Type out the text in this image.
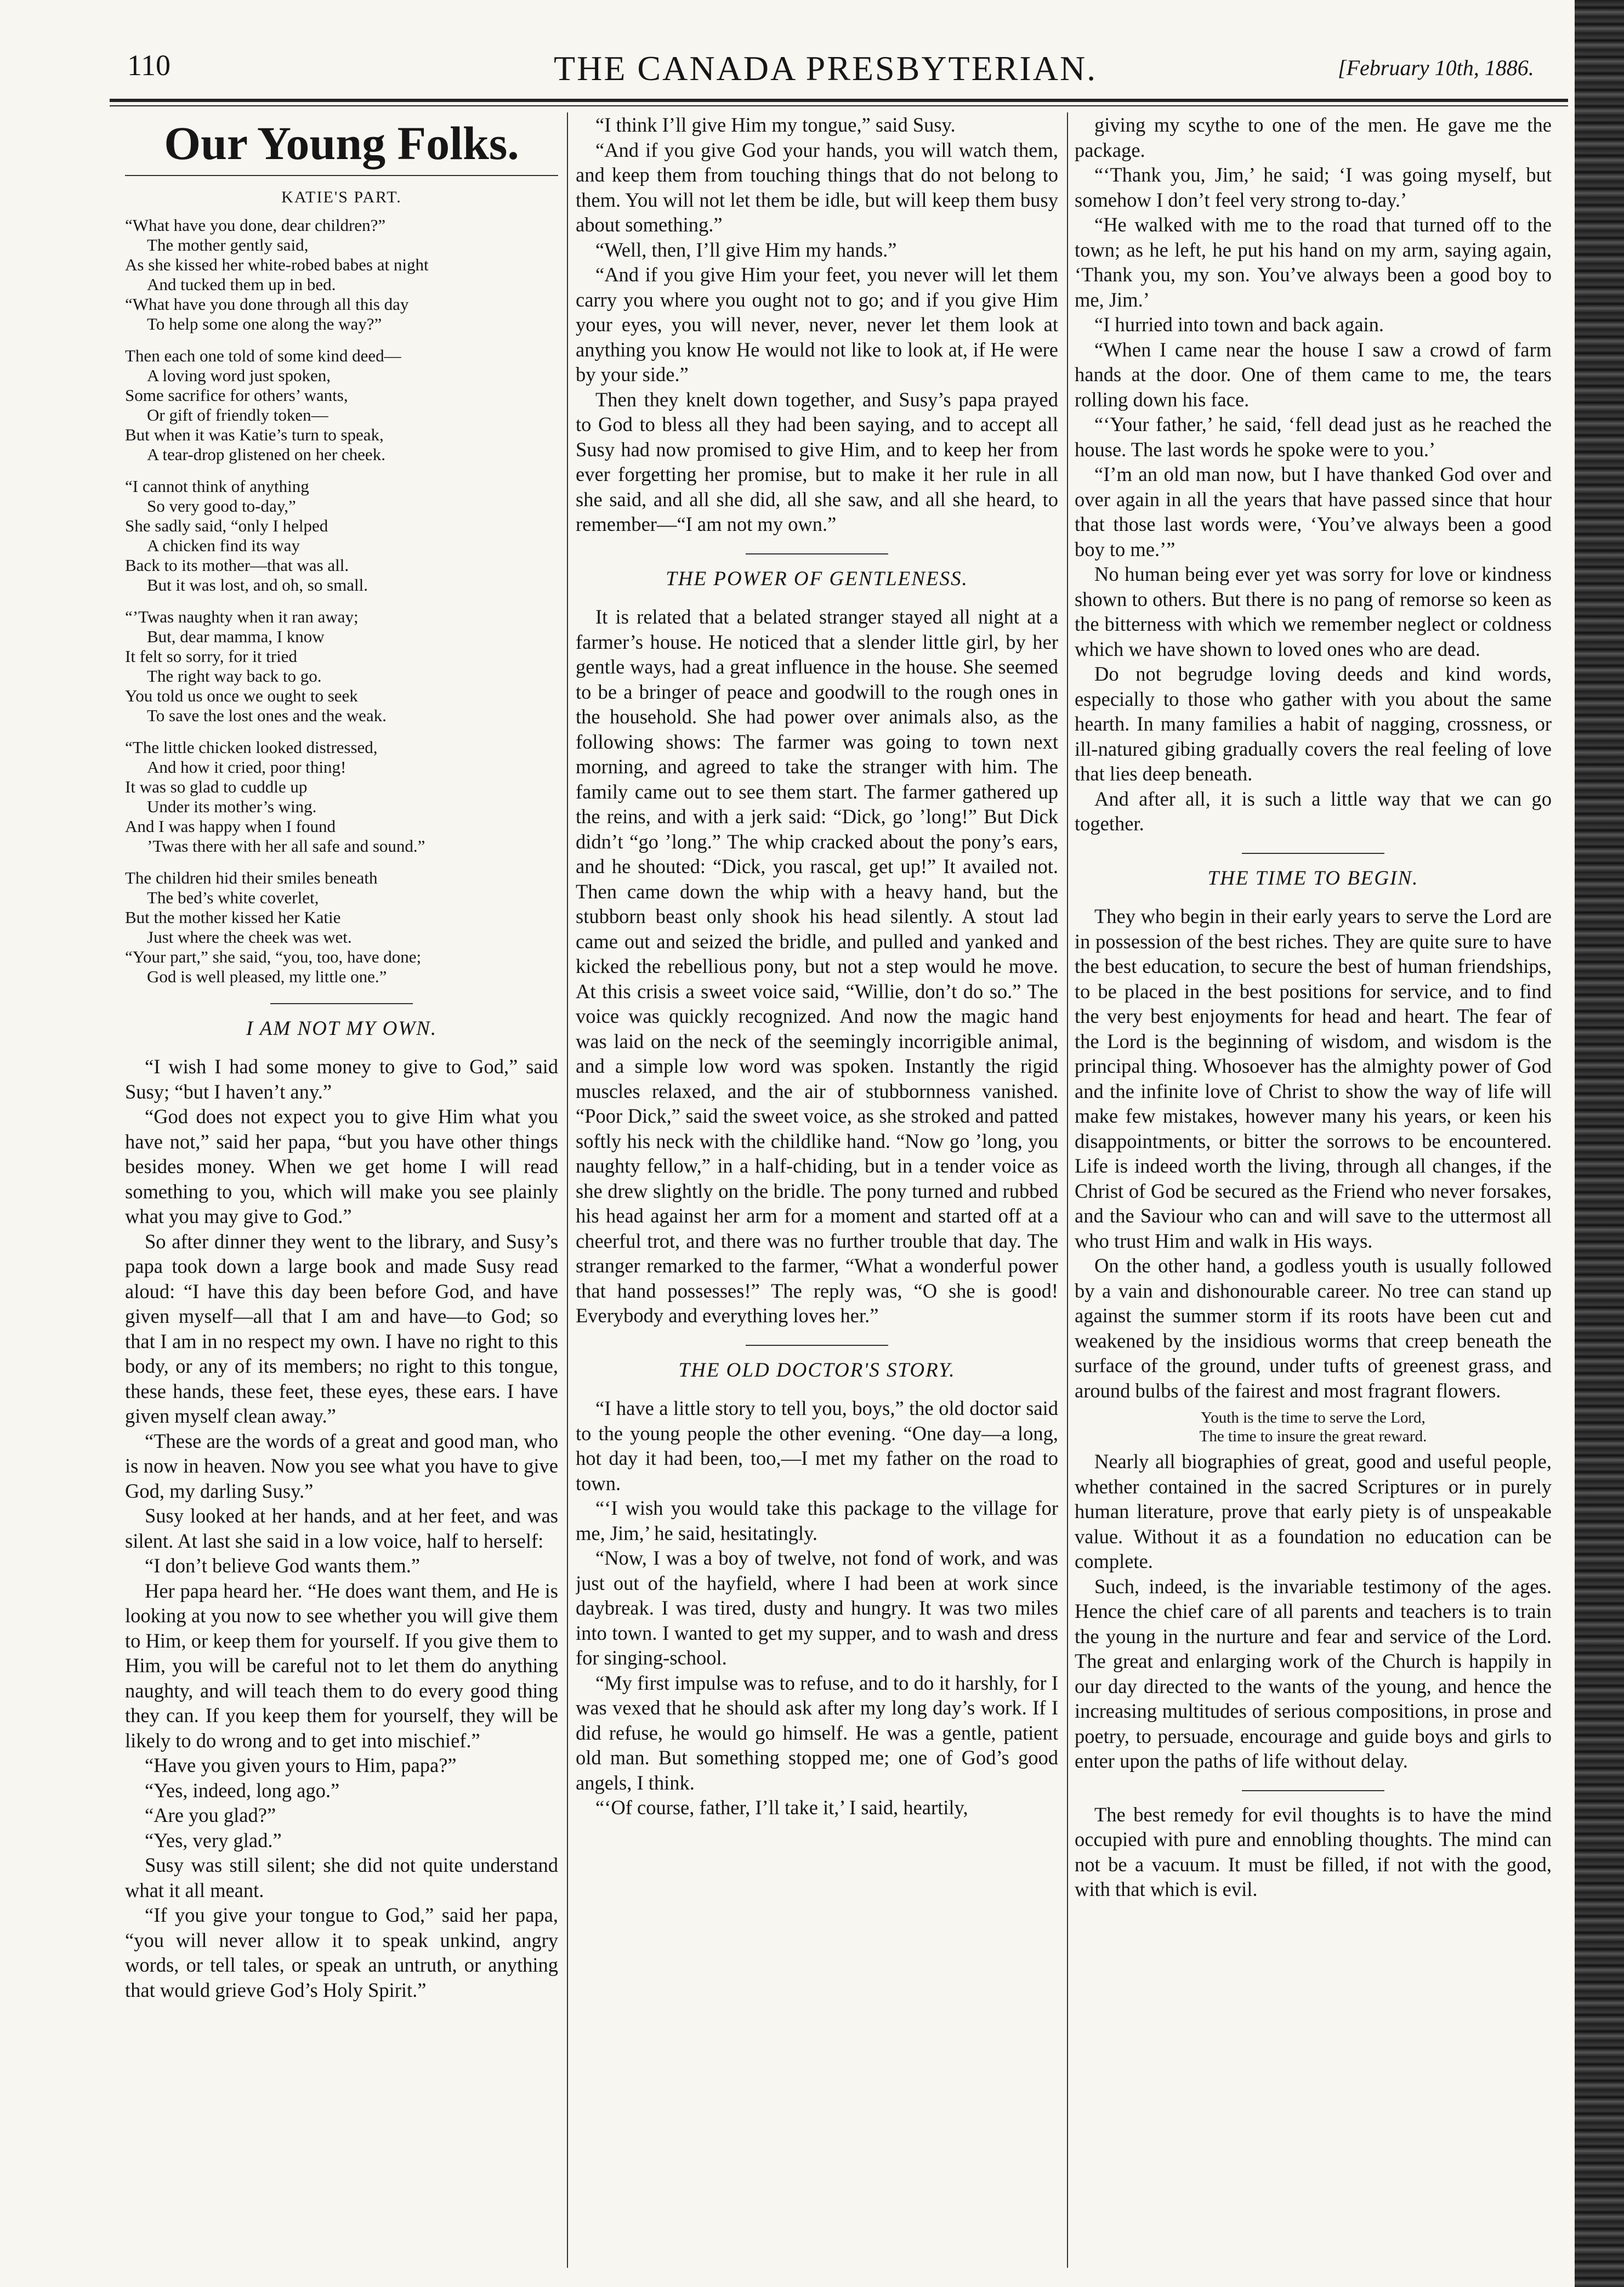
110	THE CANADA PRESBYTERIAN.	[February 10th, 1886.
Our Young Folks.
KATIE'S PART.
“What have you done, dear children?”
The mother gently said,
As she kissed her white-robed babes at night
And tucked them up in bed.
“What have you done through all this day
To help some one along the way?”
Then each one told of some kind deed—
A loving word just spoken,
Some sacrifice for others’ wants,
Or gift of friendly token—
But when it was Katie’s turn to speak,
A tear-drop glistened on her cheek.
“I cannot think of anything
So very good to-day,”
She sadly said, “only I helped
A chicken find its way
Back to its mother—that was all.
But it was lost, and oh, so small.
“’Twas naughty when it ran away;
But, dear mamma, I know
It felt so sorry, for it tried
The right way back to go.
You told us once we ought to seek
To save the lost ones and the weak.
“The little chicken looked distressed,
And how it cried, poor thing!
It was so glad to cuddle up
Under its mother’s wing.
And I was happy when I found
’Twas there with her all safe and sound.”
The children hid their smiles beneath
The bed’s white coverlet,
But the mother kissed her Katie
Just where the cheek was wet.
“Your part,” she said, “you, too, have done;
God is well pleased, my little one.”
I AM NOT MY OWN.

“I wish I had some money to give to God,” said Susy; “but I haven’t any.”

“God does not expect you to give Him what you have not,” said her papa, “but you have other things besides money. When we get home I will read something to you, which will make you see plainly what you may give to God.”

So after dinner they went to the library, and Susy’s papa took down a large book and made Susy read aloud: “I have this day been before God, and have given myself—all that I am and have—to God; so that I am in no respect my own. I have no right to this body, or any of its members; no right to this tongue, these hands, these feet, these eyes, these ears. I have given myself clean away.”

“These are the words of a great and good man, who is now in heaven. Now you see what you have to give God, my darling Susy.”

Susy looked at her hands, and at her feet, and was silent. At last she said in a low voice, half to herself:

“I don’t believe God wants them.”

Her papa heard her. “He does want them, and He is looking at you now to see whether you will give them to Him, or keep them for yourself. If you give them to Him, you will be careful not to let them do anything naughty, and will teach them to do every good thing they can. If you keep them for yourself, they will be likely to do wrong and to get into mischief.”

“Have you given yours to Him, papa?”

“Yes, indeed, long ago.”

“Are you glad?”

“Yes, very glad.”

Susy was still silent; she did not quite understand what it all meant.

“If you give your tongue to God,” said her papa, “you will never allow it to speak unkind, angry words, or tell tales, or speak an untruth, or anything that would grieve God’s Holy Spirit.”

“I think I’ll give Him my tongue,” said Susy.

“And if you give God your hands, you will watch them, and keep them from touching things that do not belong to them. You will not let them be idle, but will keep them busy about something.”

“Well, then, I’ll give Him my hands.”

“And if you give Him your feet, you never will let them carry you where you ought not to go; and if you give Him your eyes, you will never, never, never let them look at anything you know He would not like to look at, if He were by your side.”

Then they knelt down together, and Susy’s papa prayed to God to bless all they had been saying, and to accept all Susy had now promised to give Him, and to keep her from ever forgetting her promise, but to make it her rule in all she said, and all she did, all she saw, and all she heard, to remember—“I am not my own.”

THE POWER OF GENTLENESS.

It is related that a belated stranger stayed all night at a farmer’s house. He noticed that a slender little girl, by her gentle ways, had a great influence in the house. She seemed to be a bringer of peace and goodwill to the rough ones in the household. She had power over animals also, as the following shows: The farmer was going to town next morning, and agreed to take the stranger with him. The family came out to see them start. The farmer gathered up the reins, and with a jerk said: “Dick, go ’long!” But Dick didn’t “go ’long.” The whip cracked about the pony’s ears, and he shouted: “Dick, you rascal, get up!” It availed not. Then came down the whip with a heavy hand, but the stubborn beast only shook his head silently. A stout lad came out and seized the bridle, and pulled and yanked and kicked the rebellious pony, but not a step would he move. At this crisis a sweet voice said, “Willie, don’t do so.” The voice was quickly recognized. And now the magic hand was laid on the neck of the seemingly incorrigible animal, and a simple low word was spoken. Instantly the rigid muscles relaxed, and the air of stubbornness vanished. “Poor Dick,” said the sweet voice, as she stroked and patted softly his neck with the childlike hand. “Now go ’long, you naughty fellow,” in a half-chiding, but in a tender voice as she drew slightly on the bridle. The pony turned and rubbed his head against her arm for a moment and started off at a cheerful trot, and there was no further trouble that day. The stranger remarked to the farmer, “What a wonderful power that hand possesses!” The reply was, “O she is good! Everybody and everything loves her.”

THE OLD DOCTOR'S STORY.

“I have a little story to tell you, boys,” the old doctor said to the young people the other evening. “One day—a long, hot day it had been, too,—I met my father on the road to town.

“‘I wish you would take this package to the village for me, Jim,’ he said, hesitatingly.

“Now, I was a boy of twelve, not fond of work, and was just out of the hayfield, where I had been at work since daybreak. I was tired, dusty and hungry. It was two miles into town. I wanted to get my supper, and to wash and dress for singing-school.

“My first impulse was to refuse, and to do it harshly, for I was vexed that he should ask after my long day’s work. If I did refuse, he would go himself. He was a gentle, patient old man. But something stopped me; one of God’s good angels, I think.

“‘Of course, father, I’ll take it,’ I said, heartily,

giving my scythe to one of the men. He gave me the package.

“‘Thank you, Jim,’ he said; ‘I was going myself, but somehow I don’t feel very strong to-day.’

“He walked with me to the road that turned off to the town; as he left, he put his hand on my arm, saying again, ‘Thank you, my son. You’ve always been a good boy to me, Jim.’

“I hurried into town and back again.

“When I came near the house I saw a crowd of farm hands at the door. One of them came to me, the tears rolling down his face.

“‘Your father,’ he said, ‘fell dead just as he reached the house. The last words he spoke were to you.’

“I’m an old man now, but I have thanked God over and over again in all the years that have passed since that hour that those last words were, ‘You’ve always been a good boy to me.’”

No human being ever yet was sorry for love or kindness shown to others. But there is no pang of remorse so keen as the bitterness with which we remember neglect or coldness which we have shown to loved ones who are dead.

Do not begrudge loving deeds and kind words, especially to those who gather with you about the same hearth. In many families a habit of nagging, crossness, or ill-natured gibing gradually covers the real feeling of love that lies deep beneath.

And after all, it is such a little way that we can go together.

THE TIME TO BEGIN.

They who begin in their early years to serve the Lord are in possession of the best riches. They are quite sure to have the best education, to secure the best of human friendships, to be placed in the best positions for service, and to find the very best enjoyments for head and heart. The fear of the Lord is the beginning of wisdom, and wisdom is the principal thing. Whosoever has the almighty power of God and the infinite love of Christ to show the way of life will make few mistakes, however many his years, or keen his disappointments, or bitter the sorrows to be encountered. Life is indeed worth the living, through all changes, if the Christ of God be secured as the Friend who never forsakes, and the Saviour who can and will save to the uttermost all who trust Him and walk in His ways.

On the other hand, a godless youth is usually followed by a vain and dishonourable career. No tree can stand up against the summer storm if its roots have been cut and weakened by the insidious worms that creep beneath the surface of the ground, under tufts of greenest grass, and around bulbs of the fairest and most fragrant flowers.

Youth is the time to serve the Lord,
The time to insure the great reward.

Nearly all biographies of great, good and useful people, whether contained in the sacred Scriptures or in purely human literature, prove that early piety is of unspeakable value. Without it as a foundation no education can be complete.

Such, indeed, is the invariable testimony of the ages. Hence the chief care of all parents and teachers is to train the young in the nurture and fear and service of the Lord. The great and enlarging work of the Church is happily in our day directed to the wants of the young, and hence the increasing multitudes of serious compositions, in prose and poetry, to persuade, encourage and guide boys and girls to enter upon the paths of life without delay.

The best remedy for evil thoughts is to have the mind occupied with pure and ennobling thoughts. The mind can not be a vacuum. It must be filled, if not with the good, with that which is evil.
